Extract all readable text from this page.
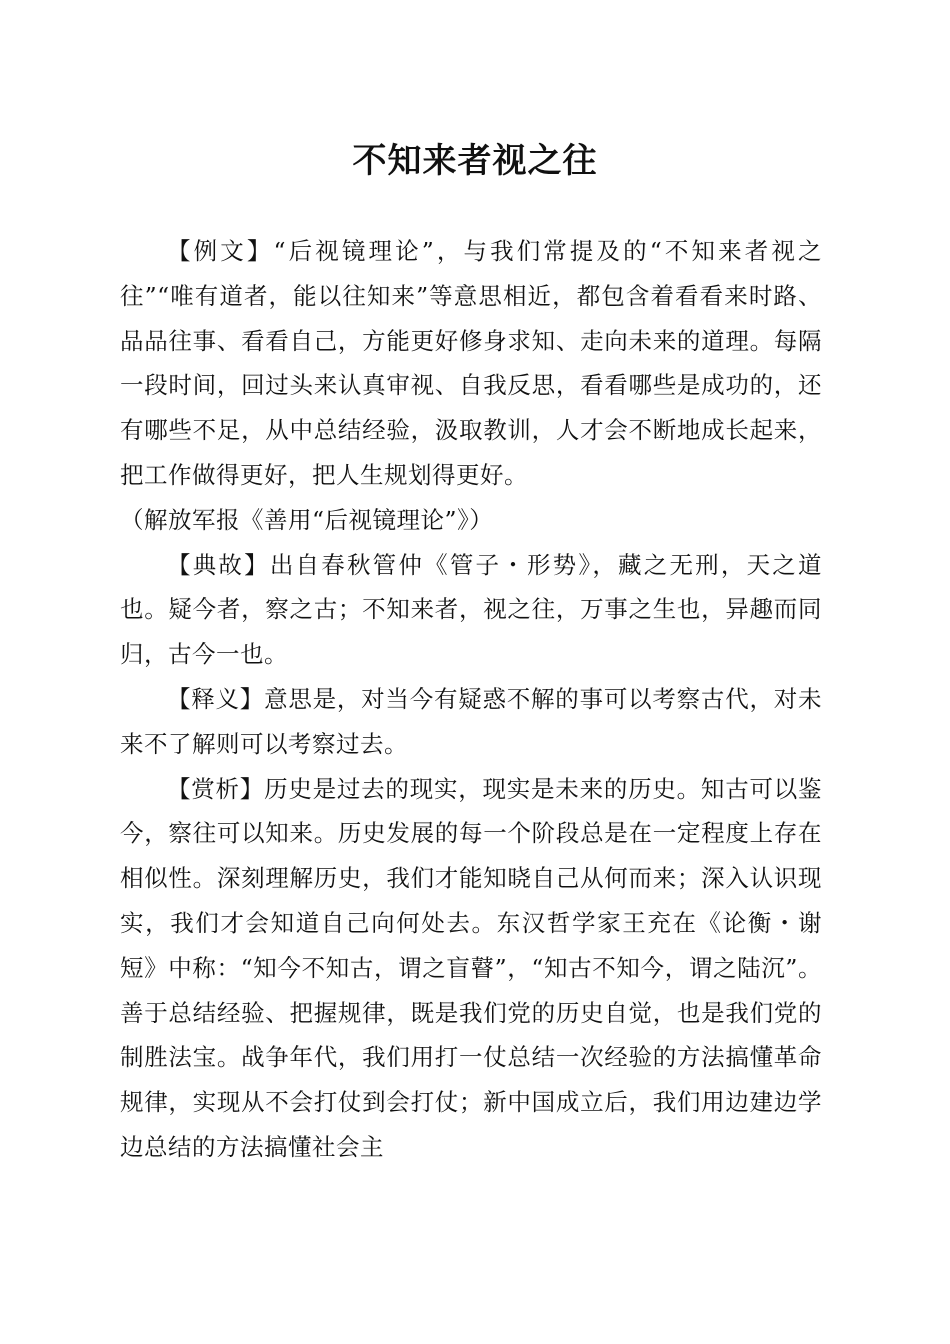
不知来者视之往

【例文】“后视镜理论”，与我们常提及的“不知来者视之往”“唯有道者，能以往知来”等意思相近，都包含着看看来时路、品品往事、看看自己，方能更好修身求知、走向未来的道理。每隔一段时间，回过头来认真审视、自我反思，看看哪些是成功的，还有哪些不足，从中总结经验，汲取教训，人才会不断地成长起来，把工作做得更好，把人生规划得更好。
（解放军报《善用“后视镜理论”》）

【典故】出自春秋管仲《管子・形势》，藏之无刑，天之道也。疑今者，察之古；不知来者，视之往，万事之生也，异趣而同归，古今一也。

【释义】意思是，对当今有疑惑不解的事可以考察古代，对未来不了解则可以考察过去。

【赏析】历史是过去的现实，现实是未来的历史。知古可以鉴今，察往可以知来。历史发展的每一个阶段总是在一定程度上存在相似性。深刻理解历史，我们才能知晓自己从何而来；深入认识现实，我们才会知道自己向何处去。东汉哲学家王充在《论衡・谢短》中称：“知今不知古，谓之盲瞽”，“知古不知今，谓之陆沉”。善于总结经验、把握规律，既是我们党的历史自觉，也是我们党的制胜法宝。战争年代，我们用打一仗总结一次经验的方法搞懂革命规律，实现从不会打仗到会打仗；新中国成立后，我们用边建边学边总结的方法搞懂社会主
